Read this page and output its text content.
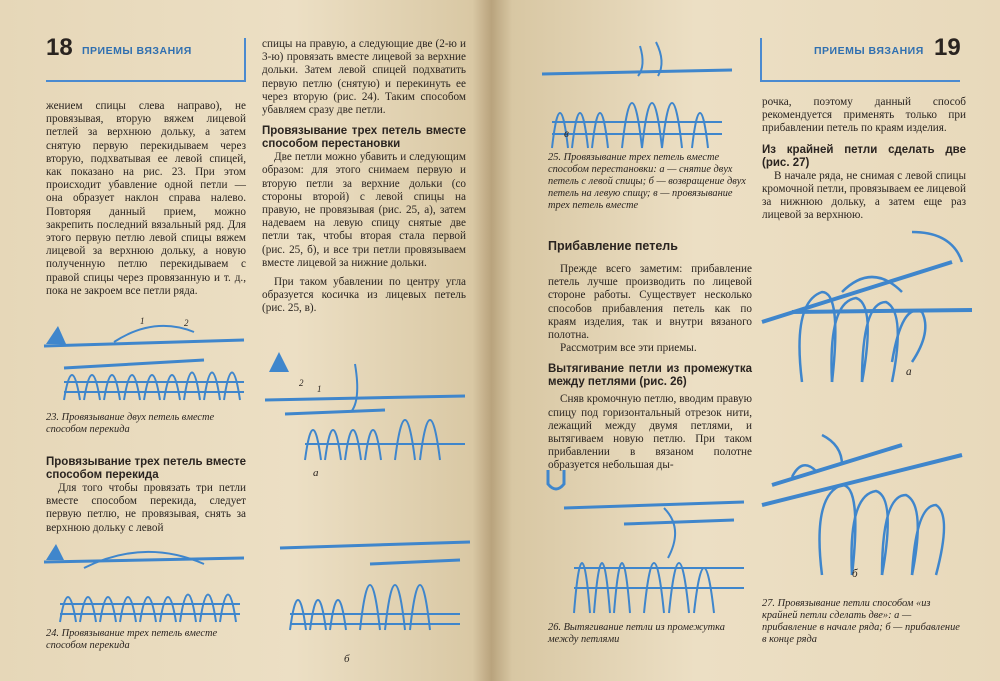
18 ПРИЕМЫ ВЯЗАНИЯ

жением спицы слева направо), не провязывая, вторую вяжем лицевой петлей за верхнюю дольку, а затем снятую первую перекидываем через вторую, подхватывая ее левой спицей, как показано на рис. 23. При этом происходит убавление одной петли — она образует наклон справа налево. Повторяя данный прием, можно закрепить последний вязальный ряд. Для этого первую петлю левой спицы вяжем лицевой за верхнюю дольку, а новую полученную петлю перекидываем с правой спицы через провязанную и т. д., пока не закроем все петли ряда.

1	2
23. Провязывание двух петель вместе способом перекида

Провязывание трех петель вместе способом перекида

Для того чтобы провязать три петли вместе способом перекида, следует первую петлю, не провязывая, снять за верхнюю дольку с левой

24. Провязывание трех петель вместе способом перекида

спицы на правую, а следующие две (2-ю и 3-ю) провязать вместе лицевой за верхние дольки. Затем левой спицей подхватить первую петлю (снятую) и перекинуть ее через вторую (рис. 24). Таким способом убавляем сразу две петли.

Провязывание трех петель вместе способом перестановки

Две петли можно убавить и следующим образом: для этого снимаем первую и вторую петли за верхние дольки (со стороны второй) с левой спицы на правую, не провязывая (рис. 25, а), затем надеваем на левую спицу снятые две петли так, чтобы вторая стала первой (рис. 25, б), и все три петли провязываем вместе лицевой за нижние дольки.

При таком убавлении по центру угла образуется косичка из лицевых петель (рис. 25, в).

2
1
а
б
19
ПРИЕМЫ ВЯЗАНИЯ
в
25. Провязывание трех петель вместе способом перестановки: а — снятие двух петель с левой спицы; б — возвращение двух петель на левую спицу; в — провязывание трех петель вместе

Прибавление петель

Прежде всего заметим: прибавление петель лучше производить по лицевой стороне работы. Существует несколько способов прибавления петель как по краям изделия, так и внутри вязаного полотна.

Рассмотрим все эти приемы.

Вытягивание петли из промежутка между петлями (рис. 26)

Сняв кромочную петлю, вводим правую спицу под горизонтальный отрезок нити, лежащий между двумя петлями, и вытягиваем новую петлю. При таком прибавлении в вязаном полотне образуется небольшая ды-

26. Вытягивание петли из промежутка между петлями

рочка, поэтому данный способ рекомендуется применять только при прибавлении петель по краям изделия.

Из крайней петли сделать две (рис. 27)

В начале ряда, не снимая с левой спицы кромочной петли, провязываем ее лицевой за нижнюю дольку, а затем еще раз лицевой за верхнюю.

а
б
27. Провязывание петли способом «из крайней петли сделать две»: а — прибавление в начале ряда; б — прибавление в конце ряда
